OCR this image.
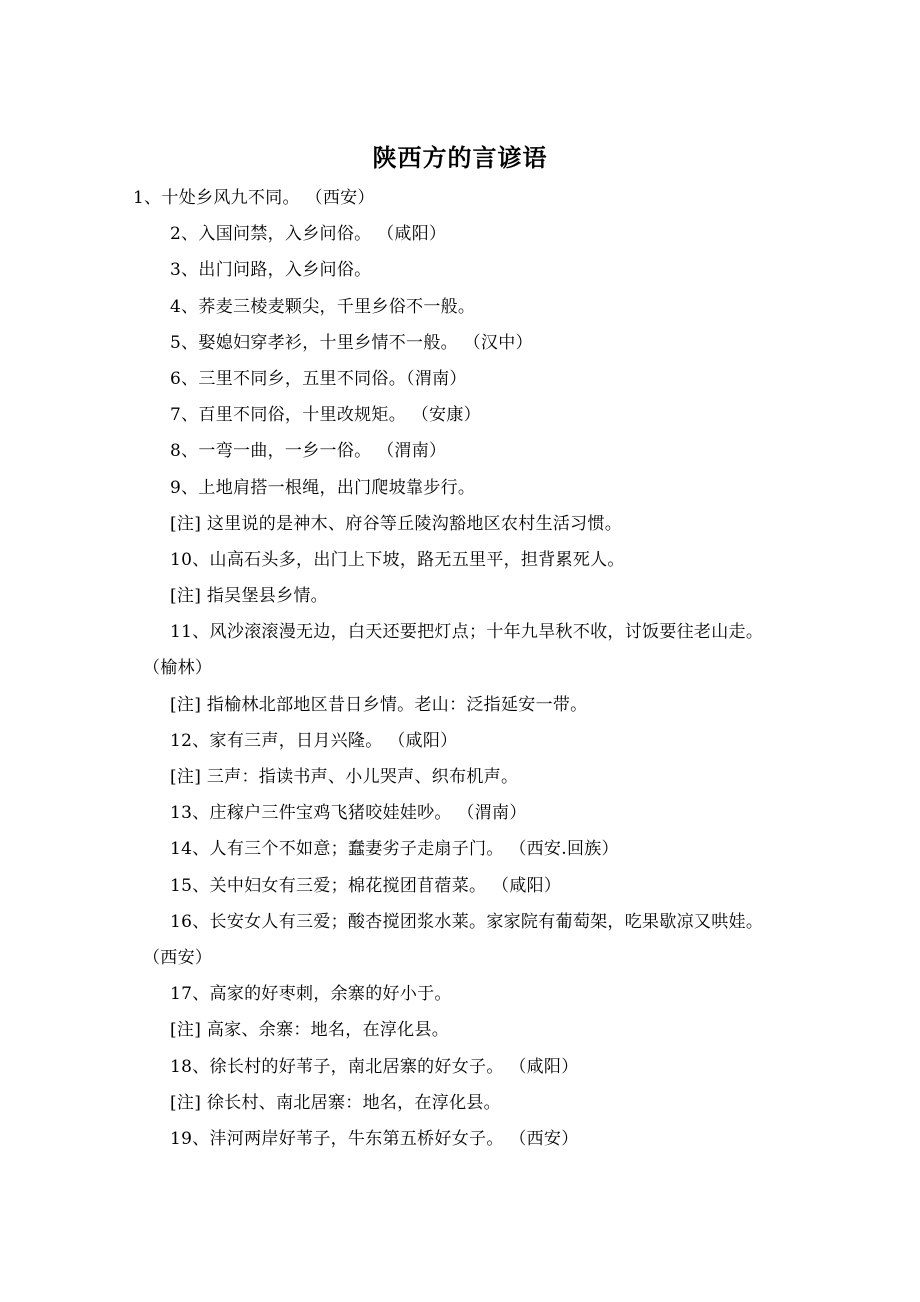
陕西方的言谚语
1、十处乡风九不同。 （西安）
2、入国问禁，入乡问俗。 （咸阳）
3、出门问路，入乡问俗。
4、荞麦三棱麦颗尖，千里乡俗不一般。
5、娶媳妇穿孝衫，十里乡情不一般。 （汉中）
6、三里不同乡，五里不同俗。（渭南）
7、百里不同俗，十里改规矩。 （安康）
8、一弯一曲，一乡一俗。 （渭南）
9、上地肩搭一根绳，出门爬坡靠步行。
[注] 这里说的是神木、府谷等丘陵沟豁地区农村生活习惯。
10、山高石头多，出门上下坡，路无五里平，担背累死人。
[注] 指吴堡县乡情。
11、风沙滚滚漫无边，白天还要把灯点；十年九旱秋不收，讨饭要往老山走。
（榆林）
[注] 指榆林北部地区昔日乡情。老山：泛指延安一带。
12、家有三声，日月兴隆。 （咸阳）
[注] 三声：指读书声、小儿哭声、织布机声。
13、庄稼户三件宝鸡飞猪咬娃娃吵。 （渭南）
14、人有三个不如意；蠢妻劣子走扇子门。 （西安.回族）
15、关中妇女有三爱；棉花搅团苜蓿菜。 （咸阳）
16、长安女人有三爱；酸杏搅团浆水莱。家家院有葡萄架，吃果歇凉又哄娃。
（西安）
17、高家的好枣刺，余寨的好小于。
[注] 高家、余寨：地名，在淳化县。
18、徐长村的好苇子，南北居寨的好女子。 （咸阳）
[注] 徐长村、南北居寨：地名，在淳化县。
19、沣河两岸好苇子，牛东第五桥好女子。 （西安）
